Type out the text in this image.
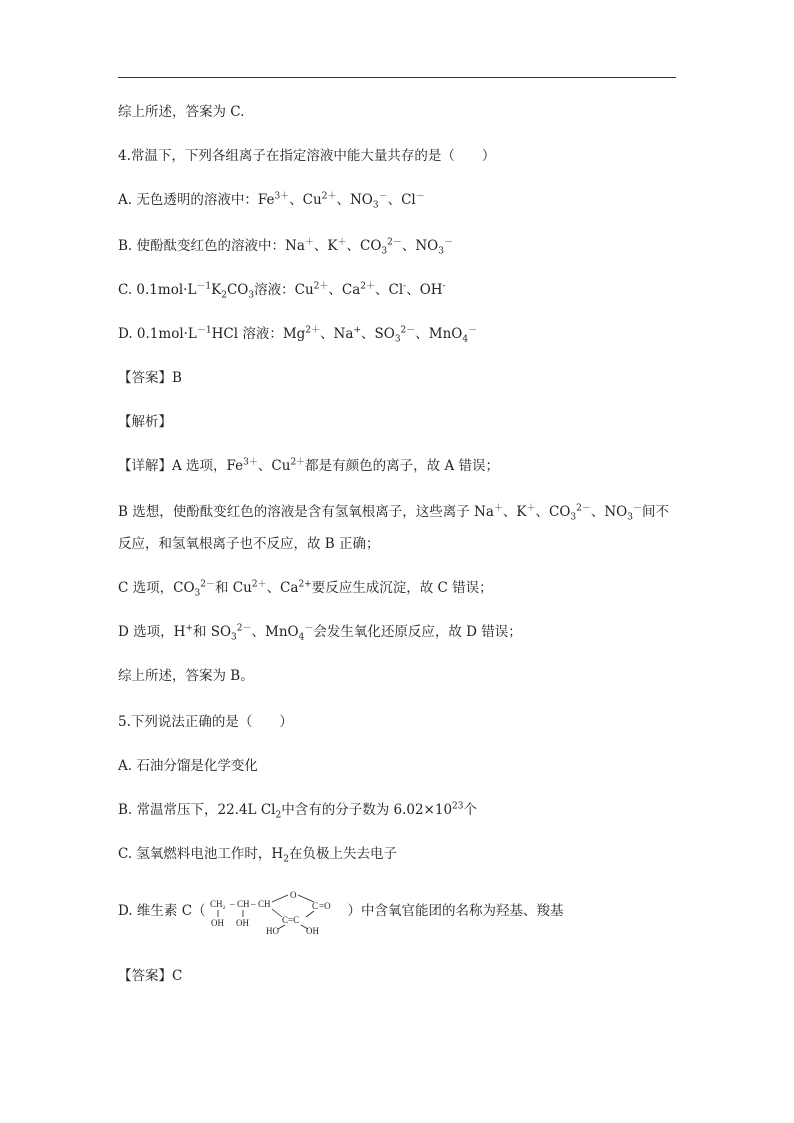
综上所述，答案为 C.
4.常温下，下列各组离子在指定溶液中能大量共存的是（　　）
A. 无色透明的溶液中：$Fe^{3+}$、$Cu^{2+}$、$NO_3^-$、Cl－
B. 使酚酞变红色的溶液中：Na＋、K＋、$CO_3^{2-}$、$NO_3^-$
C. $0.1mol\cdot L^{-1}K_2CO_3$溶液：$Cu^{2+}$、$Ca^{2+}$、Cl-、OH-
D. $0.1mol\cdot L^{-1}HCl$ 溶液：$Mg^{2+}$、Na+、$SO_3^{2-}$、MnO$_4$－
【答案】B
【解析】
【详解】A 选项，$Fe^{3+}$、$Cu^{2+}$都是有颜色的离子，故 A 错误；
B 选想，使酚酞变红色的溶液是含有氢氧根离子，这些离子 Na＋、K＋、$CO_3^{2-}$、$NO_3^-$间不
反应，和氢氧根离子也不反应，故 B 正确；
C 选项，$CO_3^{2-}$和 $Cu^{2+}$、$Ca^{2+}$要反应生成沉淀，故 C 错误；
D 选项，H+和 $SO_3^{2-}$、MnO$_4$－会发生氧化还原反应，故 D 错误；
综上所述，答案为 B。
5.下列说法正确的是（　　）
A. 石油分馏是化学变化
B. 常温常压下，22.4L $Cl_2$中含有的分子数为 $6.02\times 10^{23}$个
C. 氢氧燃料电池工作时，$H_2$在负极上失去电子
D. 维生素 C（ CH₂ – CH – CH
OH OH
O
C =O
C=C
HO	OH
）中含氧官能团的名称为羟基、羧基
【答案】C
